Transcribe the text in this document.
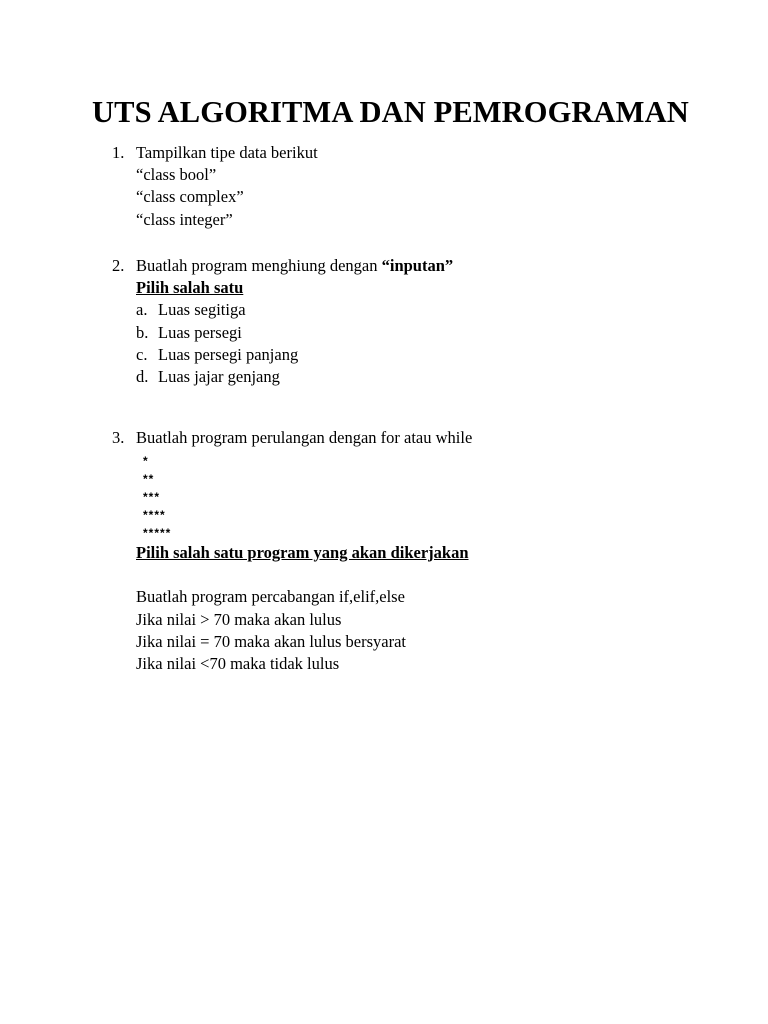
UTS ALGORITMA DAN PEMROGRAMAN
1. Tampilkan tipe data berikut
“class bool”
“class complex”
“class integer”
2. Buatlah program menghiung dengan “inputan”
Pilih salah satu
a. Luas segitiga
b. Luas persegi
c. Luas persegi panjang
d. Luas jajar genjang
3. Buatlah program perulangan dengan for atau while
*
**
***
****
*****
Pilih salah satu program yang akan dikerjakan
Buatlah program percabangan if,elif,else
Jika nilai > 70 maka akan lulus
Jika nilai = 70 maka akan lulus bersyarat
Jika nilai <70 maka tidak lulus
